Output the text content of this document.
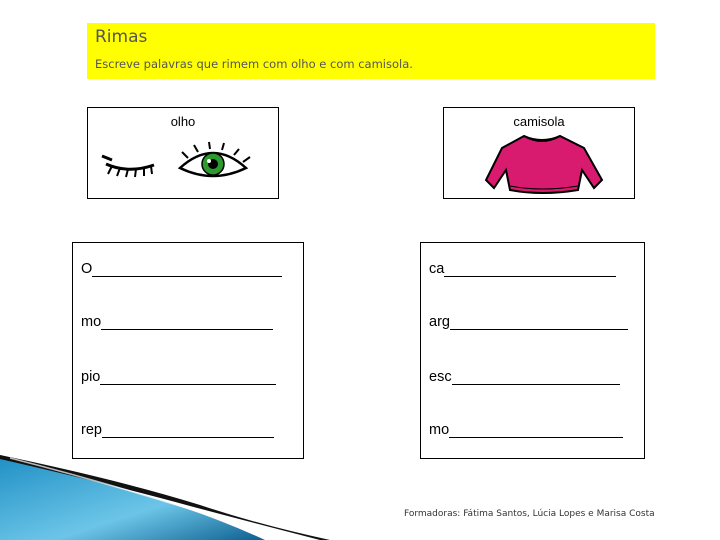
Rimas
Escreve palavras que rimem com olho e com camisola.
olho	camisola
O
mo
pio
rep
ca
arg
esc
mo
Formadoras: Fátima Santos, Lúcia Lopes e Marisa Costa
